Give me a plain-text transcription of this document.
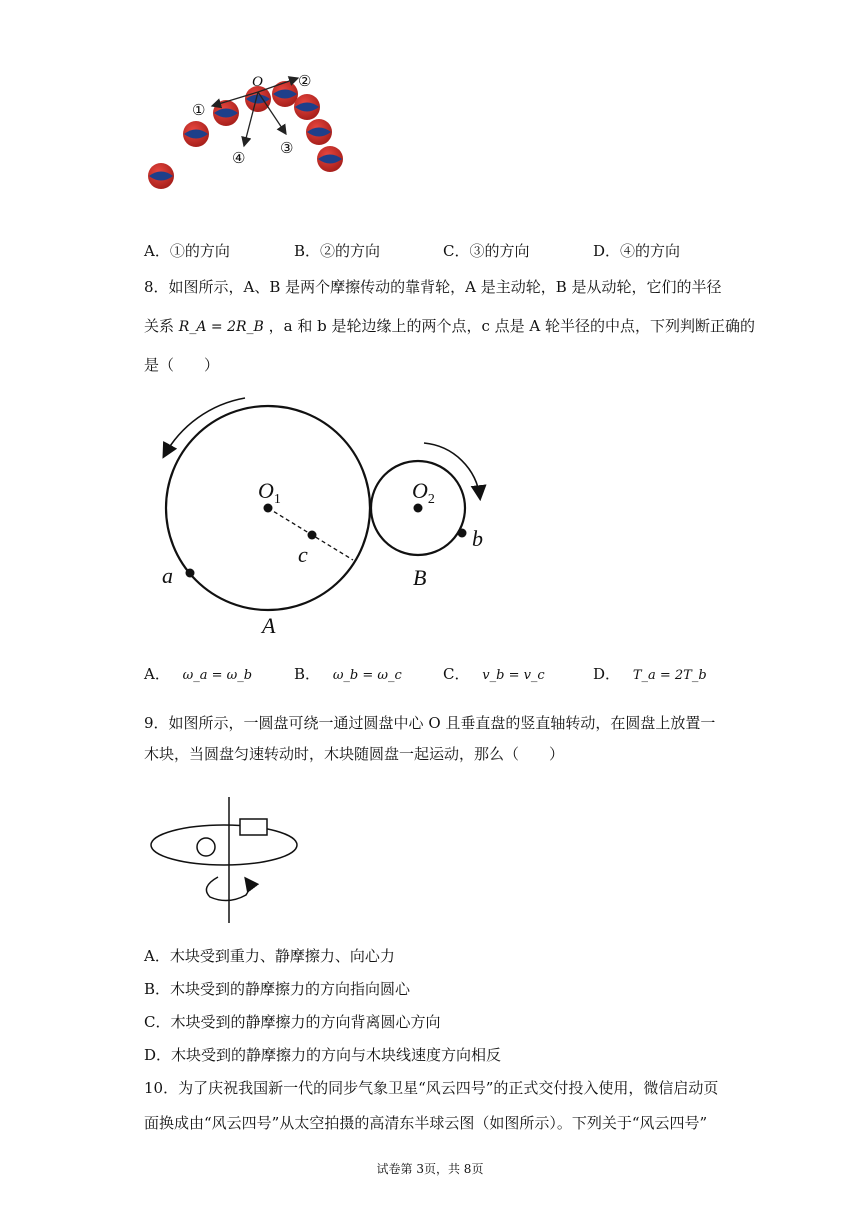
O
①
②
③
④
A．①的方向	B．②的方向	C．③的方向	D．④的方向
8．如图所示，A、B 是两个摩擦传动的靠背轮，A 是主动轮，B 是从动轮，它们的半径
关系 R_A = 2R_B ，a 和 b 是轮边缘上的两个点，c 点是 A 轮半径的中点，下列判断正确的
是（　　）
$O_1$	$O_2$
c
a
b
A
B
A． ω_a = ω_b	B． ω_b = ω_c	C． v_b = v_c	D． T_a = 2T_b
9．如图所示，一圆盘可绕一通过圆盘中心 O 且垂直盘的竖直轴转动，在圆盘上放置一
木块，当圆盘匀速转动时，木块随圆盘一起运动，那么（　　）
A．木块受到重力、静摩擦力、向心力
B．木块受到的静摩擦力的方向指向圆心
C．木块受到的静摩擦力的方向背离圆心方向
D．木块受到的静摩擦力的方向与木块线速度方向相反
10．为了庆祝我国新一代的同步气象卫星“风云四号”的正式交付投入使用，微信启动页
面换成由“风云四号”从太空拍摄的高清东半球云图（如图所示）。下列关于“风云四号”
试卷第 3页，共 8页
